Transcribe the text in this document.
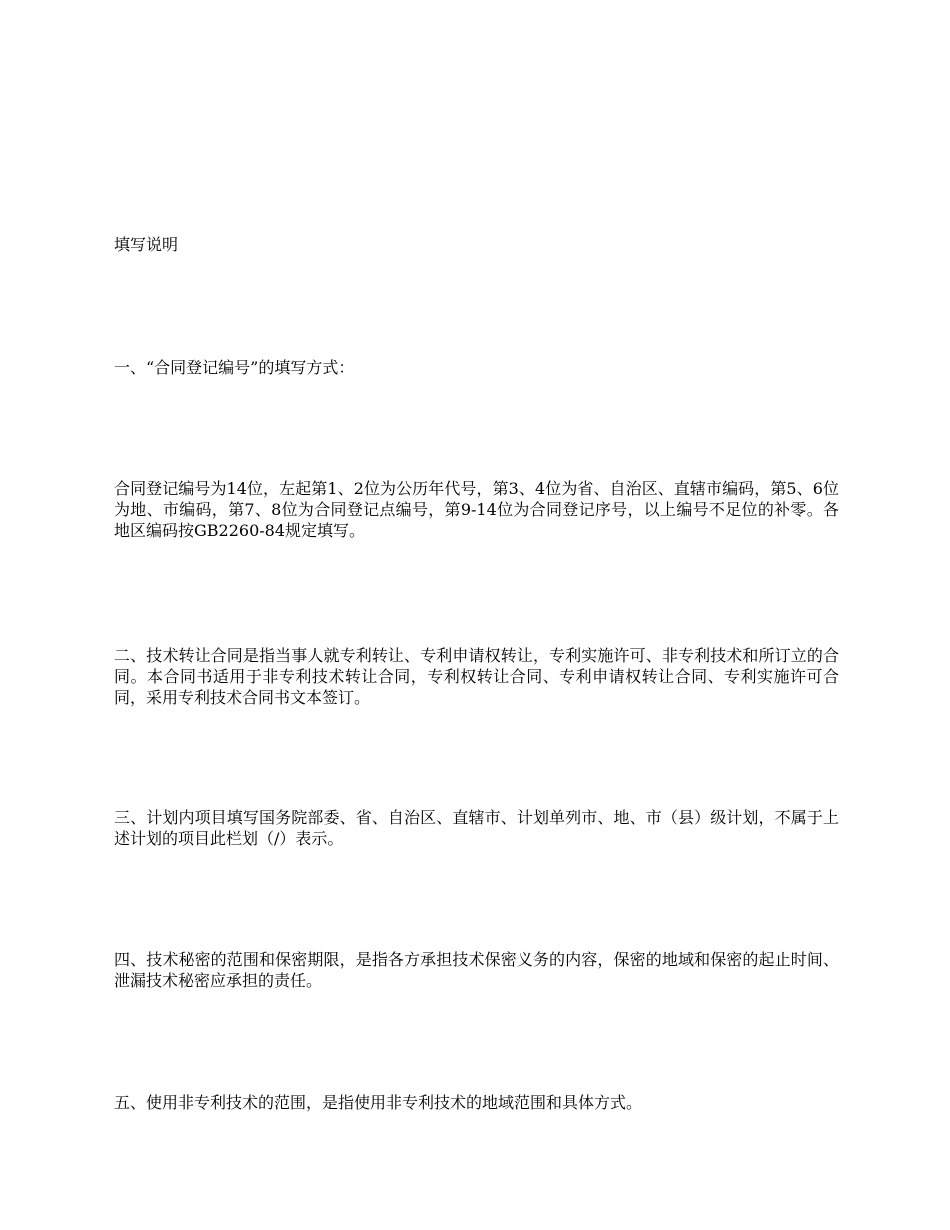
填写说明

一、“合同登记编号”的填写方式：

合同登记编号为14位，左起第1、2位为公历年代号，第3、4位为省、自治区、直辖市编码，第5、6位为地、市编码，第7、8位为合同登记点编号，第9-14位为合同登记序号，以上编号不足位的补零。各地区编码按GB2260-84规定填写。

二、技术转让合同是指当事人就专利转让、专利申请权转让，专利实施许可、非专利技术和所订立的合同。本合同书适用于非专利技术转让合同，专利权转让合同、专利申请权转让合同、专利实施许可合同，采用专利技术合同书文本签订。

三、计划内项目填写国务院部委、省、自治区、直辖市、计划单列市、地、市（县）级计划，不属于上述计划的项目此栏划（/）表示。

四、技术秘密的范围和保密期限，是指各方承担技术保密义务的内容，保密的地域和保密的起止时间、泄漏技术秘密应承担的责任。

五、使用非专利技术的范围，是指使用非专利技术的地域范围和具体方式。
